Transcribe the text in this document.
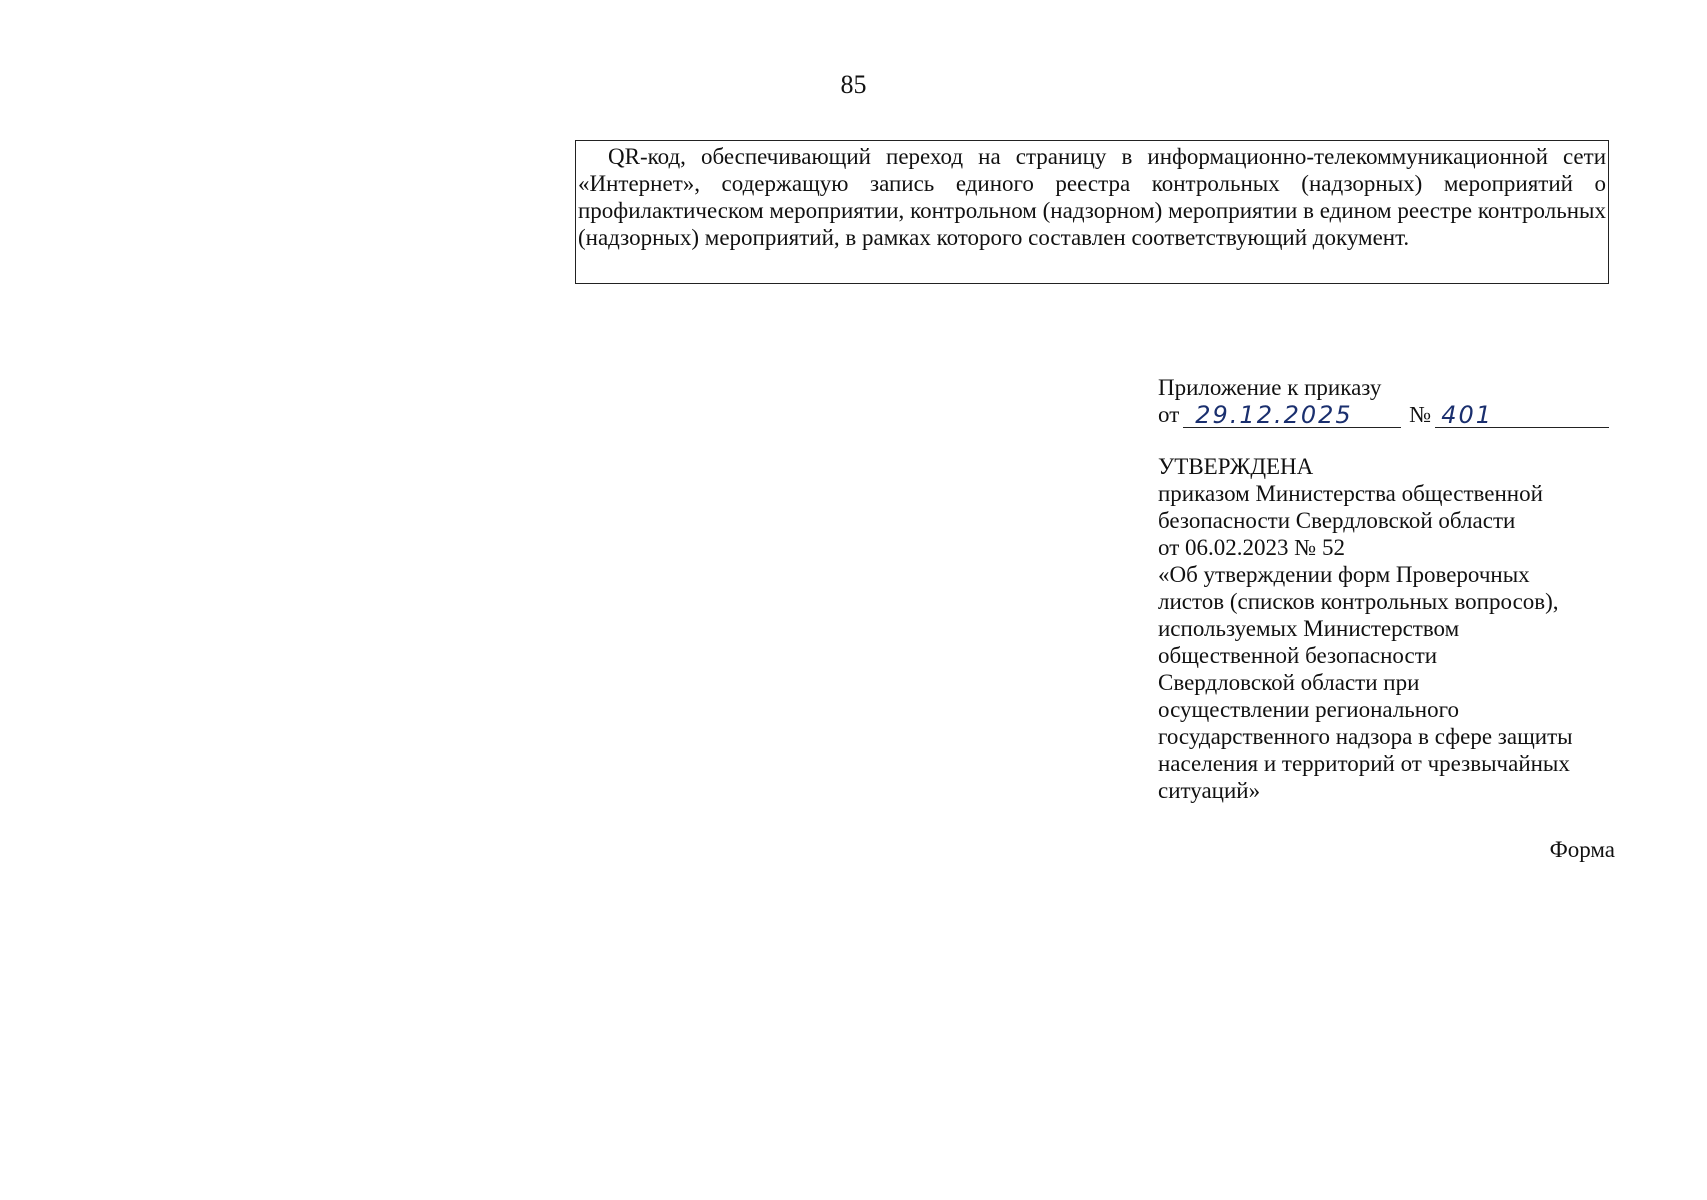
85
QR-код, обеспечивающий переход на страницу в информационно-телекоммуникационной сети «Интернет», содержащую запись единого реестра контрольных (надзорных) мероприятий о профилактическом мероприятии, контрольном (надзорном) мероприятии в едином реестре контрольных (надзорных) мероприятий, в рамках которого составлен соответствующий документ.
Приложение к приказу
от 29.12.2025	№ 401
УТВЕРЖДЕНА
приказом Министерства общественной
безопасности Свердловской области
от 06.02.2023 № 52
«Об утверждении форм Проверочных
листов (списков контрольных вопросов),
используемых Министерством
общественной безопасности
Свердловской области при
осуществлении регионального
государственного надзора в сфере защиты
населения и территорий от чрезвычайных
ситуаций»
Форма
